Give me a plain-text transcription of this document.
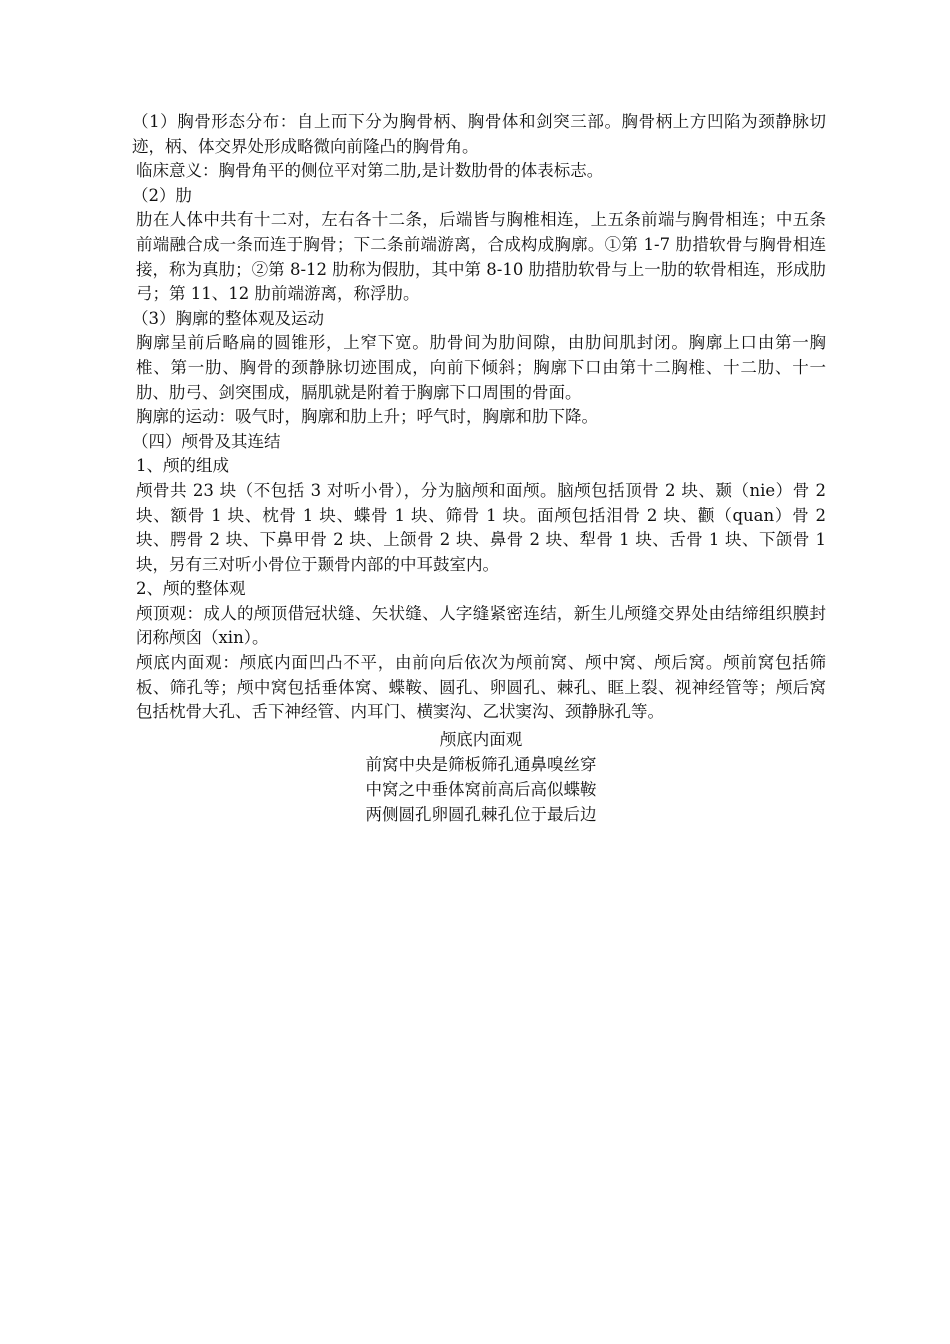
（1）胸骨形态分布：自上而下分为胸骨柄、胸骨体和剑突三部。胸骨柄上方凹陷为颈静脉切迹，柄、体交界处形成略微向前隆凸的胸骨角。

临床意义：胸骨角平的侧位平对第二肋,是计数肋骨的体表标志。

（2）肋

肋在人体中共有十二对，左右各十二条，后端皆与胸椎相连，上五条前端与胸骨相连；中五条前端融合成一条而连于胸骨；下二条前端游离，合成构成胸廓。①第 1-7 肋措软骨与胸骨相连接，称为真肋；②第 8-12 肋称为假肋，其中第 8-10 肋措肋软骨与上一肋的软骨相连，形成肋弓；第 11、12 肋前端游离，称浮肋。

（3）胸廓的整体观及运动

胸廓呈前后略扁的圆锥形，上窄下宽。肋骨间为肋间隙，由肋间肌封闭。胸廓上口由第一胸椎、第一肋、胸骨的颈静脉切迹围成，向前下倾斜；胸廓下口由第十二胸椎、十二肋、十一肋、肋弓、剑突围成，膈肌就是附着于胸廓下口周围的骨面。

胸廓的运动：吸气时，胸廓和肋上升；呼气时，胸廓和肋下降。

（四）颅骨及其连结

1、颅的组成

颅骨共 23 块（不包括 3 对听小骨），分为脑颅和面颅。脑颅包括顶骨 2 块、颞（nie）骨 2 块、额骨 1 块、枕骨 1 块、蝶骨 1 块、筛骨 1 块。面颅包括泪骨 2 块、颧（quan）骨 2 块、腭骨 2 块、下鼻甲骨 2 块、上颌骨 2 块、鼻骨 2 块、犁骨 1 块、舌骨 1 块、下颌骨 1 块，另有三对听小骨位于颞骨内部的中耳鼓室内。

2、颅的整体观

颅顶观：成人的颅顶借冠状缝、矢状缝、人字缝紧密连结，新生儿颅缝交界处由结缔组织膜封闭称颅囟（xin）。

颅底内面观：颅底内面凹凸不平，由前向后依次为颅前窝、颅中窝、颅后窝。颅前窝包括筛板、筛孔等；颅中窝包括垂体窝、蝶鞍、圆孔、卵圆孔、棘孔、眶上裂、视神经管等；颅后窝包括枕骨大孔、舌下神经管、内耳门、横窦沟、乙状窦沟、颈静脉孔等。

颅底内面观
前窝中央是筛板筛孔通鼻嗅丝穿
中窝之中垂体窝前高后高似蝶鞍
两侧圆孔卵圆孔棘孔位于最后边
